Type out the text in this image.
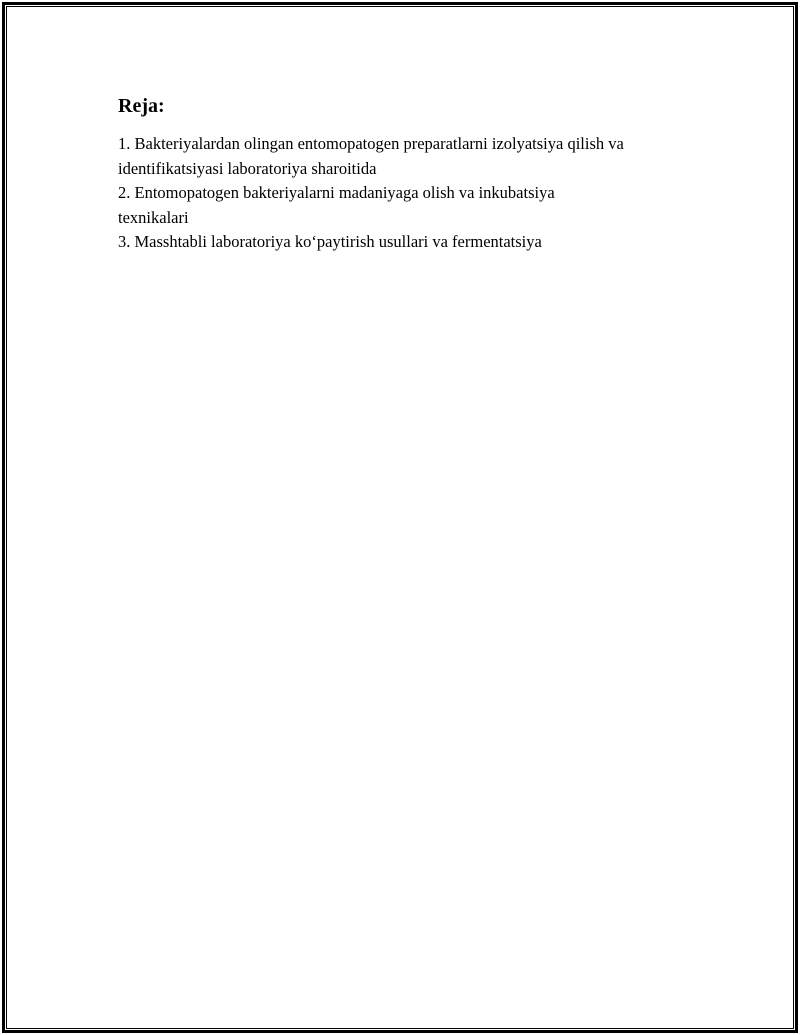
Reja:
1. Bakteriyalardan olingan entomopatogen preparatlarni izolyatsiya qilish va identifikatsiyasi laboratoriya sharoitida
2. Entomopatogen bakteriyalarni madaniyaga olish va inkubatsiya texnikalari
3. Masshtabli laboratoriya ko‘paytirish usullari va fermentatsiya
